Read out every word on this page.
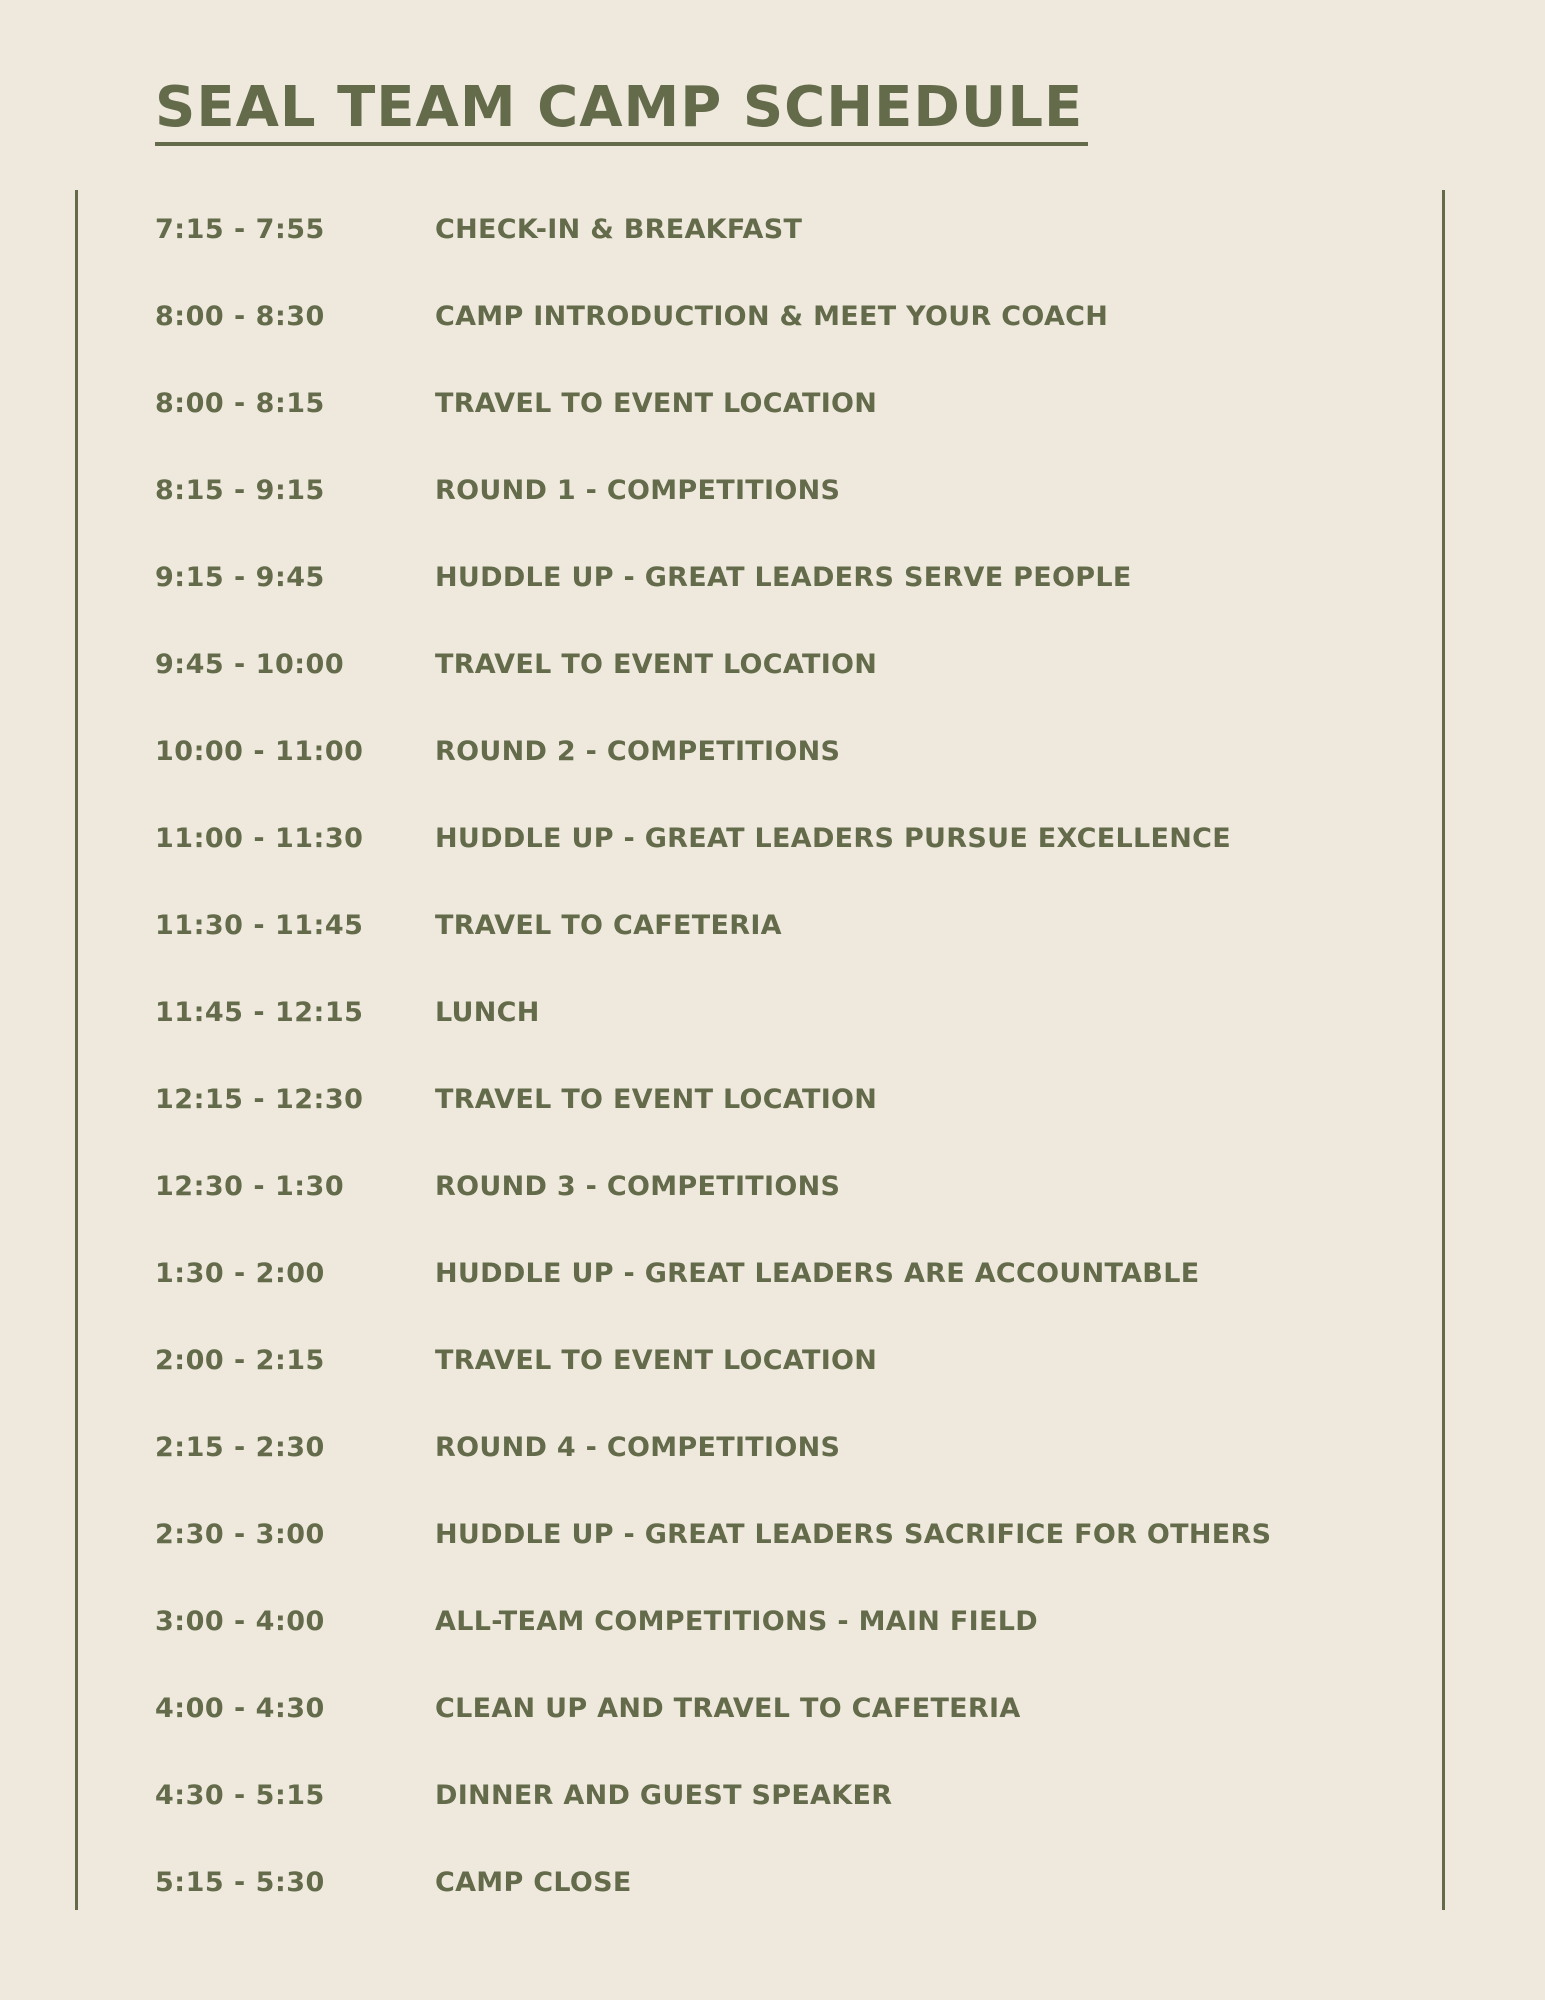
SEAL TEAM CAMP SCHEDULE
7:15 - 7:55	CHECK-IN & BREAKFAST
8:00 - 8:30	CAMP INTRODUCTION & MEET YOUR COACH
8:00 - 8:15	TRAVEL TO EVENT LOCATION
8:15 - 9:15	ROUND 1 - COMPETITIONS
9:15 - 9:45	HUDDLE UP - GREAT LEADERS SERVE PEOPLE
9:45 - 10:00	TRAVEL TO EVENT LOCATION
10:00 - 11:00	ROUND 2 - COMPETITIONS
11:00 - 11:30	HUDDLE UP - GREAT LEADERS PURSUE EXCELLENCE
11:30 - 11:45	TRAVEL TO CAFETERIA
11:45 - 12:15	LUNCH
12:15 - 12:30	TRAVEL TO EVENT LOCATION
12:30 - 1:30	ROUND 3 - COMPETITIONS
1:30 - 2:00	HUDDLE UP - GREAT LEADERS ARE ACCOUNTABLE
2:00 - 2:15	TRAVEL TO EVENT LOCATION
2:15 - 2:30	ROUND 4 - COMPETITIONS
2:30 - 3:00	HUDDLE UP - GREAT LEADERS SACRIFICE FOR OTHERS
3:00 - 4:00	ALL-TEAM COMPETITIONS - MAIN FIELD
4:00 - 4:30	CLEAN UP AND TRAVEL TO CAFETERIA
4:30 - 5:15	DINNER AND GUEST SPEAKER
5:15 - 5:30	CAMP CLOSE
